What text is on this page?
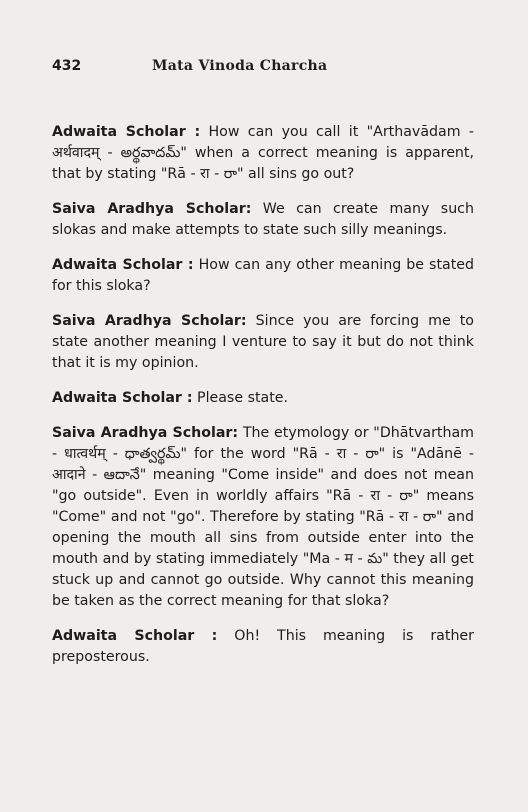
432	Mata Vinoda Charcha

Adwaita Scholar : How can you call it "Arthavādam - अर्थवादम् - అర్థవాదమ్" when a correct meaning is apparent, that by stating "Rā - रा - రా" all sins go out?

Saiva Aradhya Scholar: We can create many such slokas and make attempts to state such silly meanings.

Adwaita Scholar : How can any other meaning be stated for this sloka?

Saiva Aradhya Scholar: Since you are forcing me to state another meaning I venture to say it but do not think that it is my opinion.

Adwaita Scholar : Please state.

Saiva Aradhya Scholar: The etymology or "Dhātvartham - धात्वर्थम् - ధాత్వర్థమ్" for the word "Rā - रा - రా" is "Adānē - आदाने - ఆదానే" meaning "Come inside" and does not mean "go outside". Even in worldly affairs "Rā - रा - రా" means "Come" and not "go". Therefore by stating "Rā - रा - రా" and opening the mouth all sins from outside enter into the mouth and by stating immediately "Ma - म - మ" they all get stuck up and cannot go outside. Why cannot this meaning be taken as the correct meaning for that sloka?

Adwaita Scholar : Oh! This meaning is rather preposterous.
